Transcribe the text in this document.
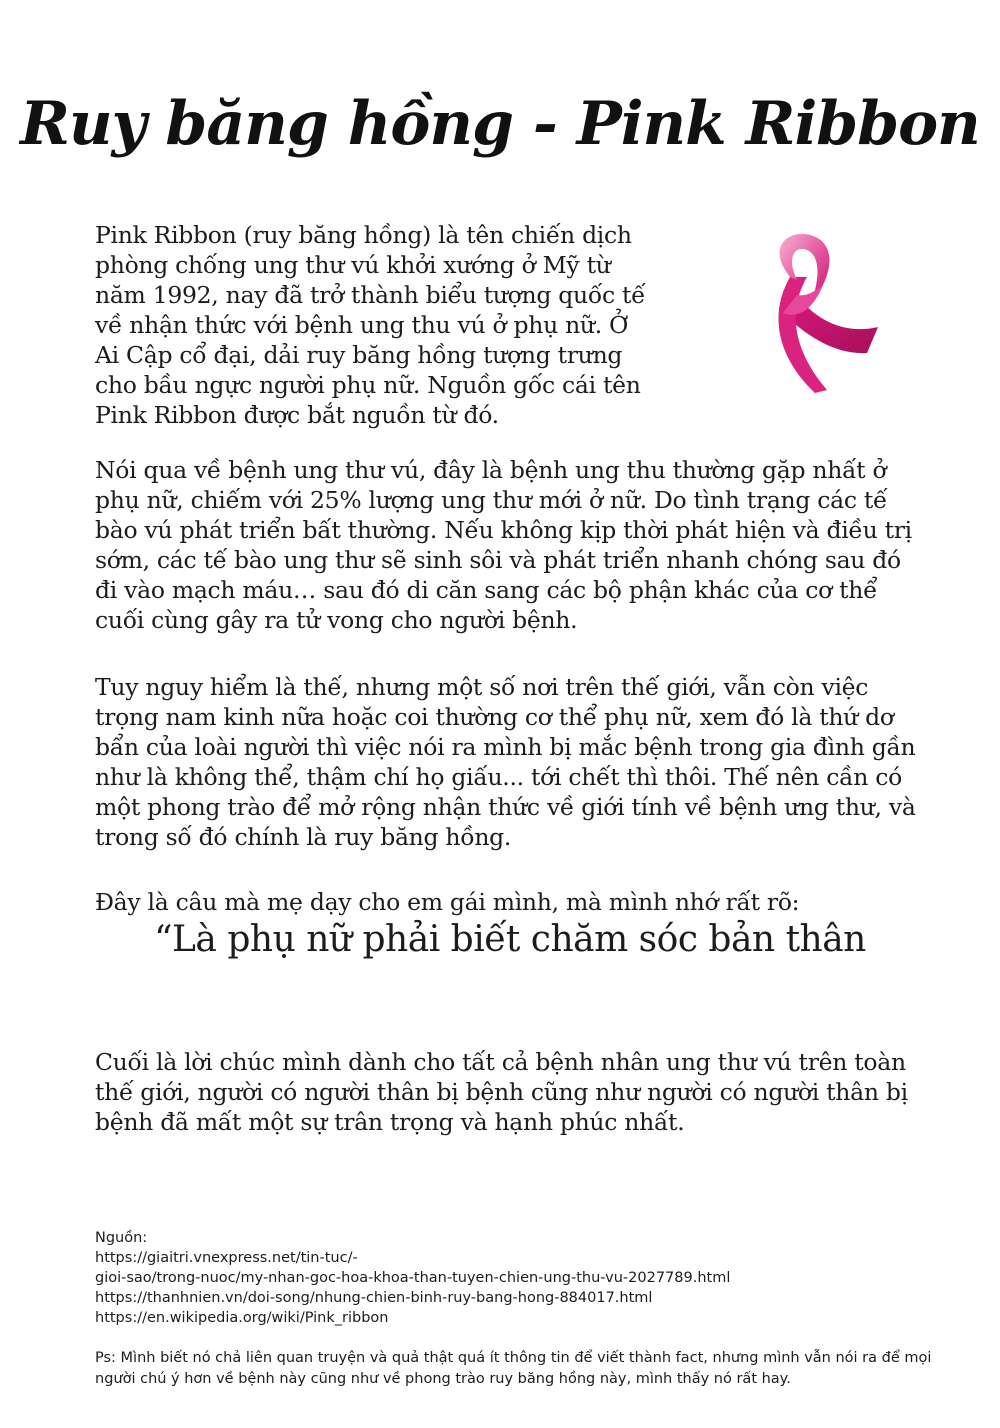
Ruy băng hồng - Pink Ribbon

Pink Ribbon (ruy băng hồng) là tên chiến dịch phòng chống ung thư vú khởi xướng ở Mỹ từ năm 1992, nay đã trở thành biểu tượng quốc tế về nhận thức với bệnh ung thu vú ở phụ nữ. Ở Ai Cập cổ đại, dải ruy băng hồng tượng trưng cho bầu ngực người phụ nữ. Nguồn gốc cái tên Pink Ribbon được bắt nguồn từ đó.

Nói qua về bệnh ung thư vú, đây là bệnh ung thu thường gặp nhất ở phụ nữ, chiếm với 25% lượng ung thư mới ở nữ. Do tình trạng các tế bào vú phát triển bất thường. Nếu không kịp thời phát hiện và điều trị sớm, các tế bào ung thư sẽ sinh sôi và phát triển nhanh chóng sau đó đi vào mạch máu… sau đó di căn sang các bộ phận khác của cơ thể cuối cùng gây ra tử vong cho người bệnh.

Tuy nguy hiểm là thế, nhưng một số nơi trên thế giới, vẫn còn việc trọng nam kinh nữa hoặc coi thường cơ thể phụ nữ, xem đó là thứ dơ bẩn của loài người thì việc nói ra mình bị mắc bệnh trong gia đình gần như là không thể, thậm chí họ giấu... tới chết thì thôi. Thế nên cần có một phong trào để mở rộng nhận thức về giới tính về bệnh ưng thư, và trong số đó chính là ruy băng hồng.

Đây là câu mà mẹ dạy cho em gái mình, mà mình nhớ rất rõ:

“Là phụ nữ phải biết chăm sóc bản thân

Cuối là lời chúc mình dành cho tất cả bệnh nhân ung thư vú trên toàn thế giới, người có người thân bị bệnh cũng như người có người thân bị bệnh đã mất một sự trân trọng và hạnh phúc nhất.

Nguồn:
https://giaitri.vnexpress.net/tin-tuc/-
gioi-sao/trong-nuoc/my-nhan-goc-hoa-khoa-than-tuyen-chien-ung-thu-vu-2027789.html
https://thanhnien.vn/doi-song/nhung-chien-binh-ruy-bang-hong-884017.html
https://en.wikipedia.org/wiki/Pink_ribbon

Ps: Mình biết nó chả liên quan truyện và quả thật quá ít thông tin để viết thành fact, nhưng mình vẫn nói ra để mọi người chú ý hơn về bệnh này cũng như về phong trào ruy băng hồng này, mình thấy nó rất hay.
